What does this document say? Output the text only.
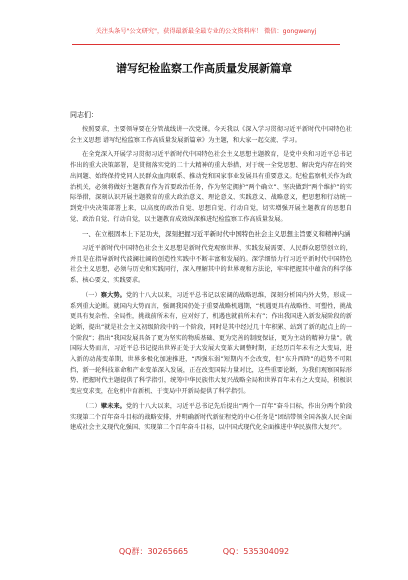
关注头条号"公文研究"，获得最新最全最专业的公文资料库！ 微信：gongwenyj
谱写纪检监察工作高质量发展新篇章

同志们：

按照要求，主要领导要在分管战线讲一次党课。今天我以《深入学习贯彻习近平新时代中国特色社会主义思想 谱写纪检监察工作高质量发展新篇章》为主题，和大家一起交流、学习。

在全党深入开展学习贯彻习近平新时代中国特色社会主义思想主题教育，是党中央和习近平总书记作出的重大决策部署，是贯彻落实党的二十大精神的重大举措，对于统一全党思想、解决党内存在的突出问题、始终保持党同人民群众血肉联系、推动党和国家事业发展具有重要意义。纪检监察机关作为政治机关，必须将做好主题教育作为首要政治任务，作为坚定拥护“两个确立”、坚决做到“两个维护”的实际举措，深刻认识开展主题教育的重大政治意义、理论意义、实践意义、战略意义，把思想和行动统一到党中央决策部署上来，以高度的政治自觉、思想自觉、行动自觉，切实增强开展主题教育的思想自觉、政治自觉、行动自觉，以主题教育成效纵深推进纪检监察工作高质量发展。

一、在立根固本上下足功夫，深刻把握习近平新时代中国特色社会主义思想主旨要义和精神内涵

习近平新时代中国特色社会主义思想是新时代党观察世界、实践发展需要、人民群众愿望创立的，并且是在指导新时代波澜壮阔的创造性实践中不断丰富和发展的。深学细悟力行习近平新时代中国特色社会主义思想，必须与历史和实践同行，深入理解其中的世界观和方法论，牢牢把握其中蕴含的科学体系、核心要义、实践要求。

（一）察大势。党的十八大以来，习近平总书记以宏阔的战略思维，深刻分析国内外大势，形成一系列重大论断。就国内大势而言，强调我国仍处于重要战略机遇期，“机遇更具有战略性、可塑性，挑战更具有复杂性、全局性，挑战前所未有，应对好了，机遇也就前所未有”；作出我国进入新发展阶段的新论断，提出“就是社会主义初级阶段中的一个阶段，同时是其中经过几十年积累、站到了新的起点上的一个阶段”；指出“我国发展具备了更为坚实的物质基础、更为完善的制度保证，更为主动的精神力量”。就国际大势而言，习近平总书记提出世界正处于大发展大变革大调整时期，正经历百年未有之大变局，进入新的动荡变革期，世界多极化加速推进，“西强东弱”短期内不会改变，但“东升西降”的趋势不可阻挡，新一轮科技革命和产业变革深入发展，正在改变国际力量对比，这些重要论断，为我们观察国际形势、把握时代主题提供了科学指引，统筹中华民族伟大复兴战略全局和世界百年未有之大变局，积极识变应变求变，在危机中育新机、于变局中开新局提供了科学指引。

（二）擘未来。党的十八大以来，习近平总书记先后提出“两个一百年”奋斗目标，作出分两个阶段实现第二个百年奋斗目标的战略安排，并明确新时代新征程党的中心任务是“团结带领全国各族人民全面建成社会主义现代化强国、实现第二个百年奋斗目标，以中国式现代化全面推进中华民族伟大复兴”。

QQ群：30265665	QQ：535304092
